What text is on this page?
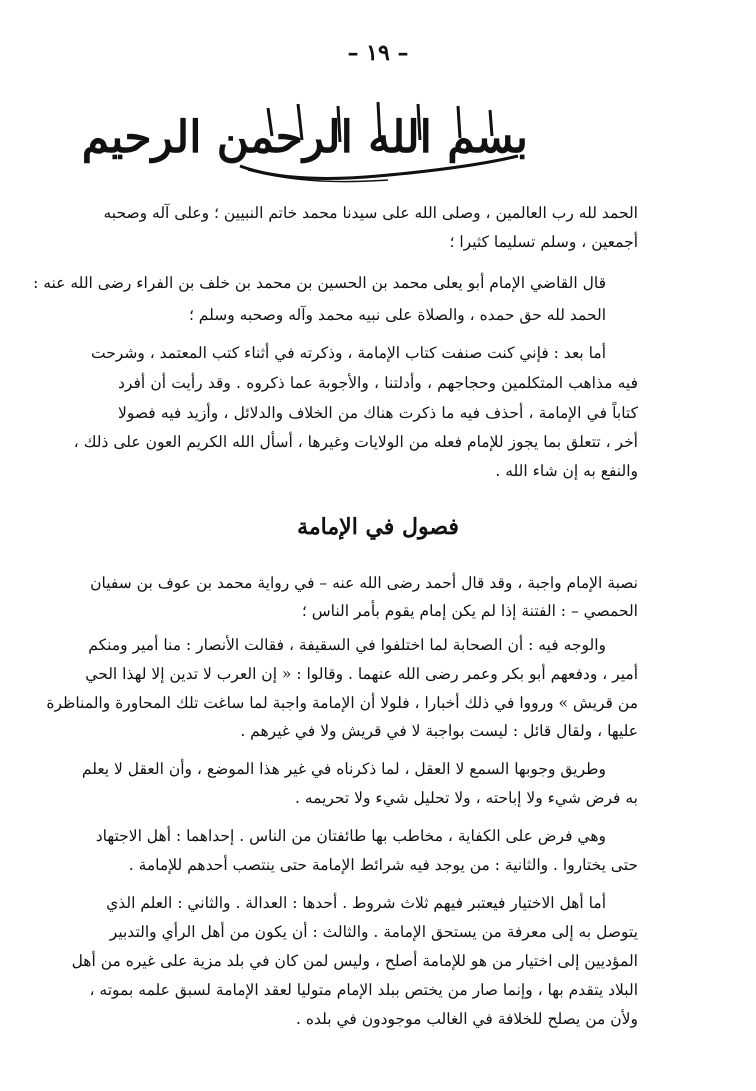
– ١٩ –
بسم الله الرحمن الرحيم
الحمد لله رب العالمين ، وصلى الله على سيدنا محمد خاتم النبيين ؛ وعلى آله وصحبه
أجمعين ، وسلم تسليما كثيرا ؛
قال القاضي الإمام أبو يعلى محمد بن الحسين بن محمد بن خلف بن الفراء رضى الله عنه :
الحمد لله حق حمده ، والصلاة على نبيه محمد وآله وصحبه وسلم ؛
أما بعد : فإني كنت صنفت كتاب الإمامة ، وذكرته في أثناء كتب المعتمد ، وشرحت
فيه مذاهب المتكلمين وحجاجهم ، وأدلتنا ، والأجوبة عما ذكروه . وقد رأيت أن أفرد
كتاباً في الإمامة ، أحذف فيه ما ذكرت هناك من الخلاف والدلائل ، وأزيد فيه فصولا
أخر ، تتعلق بما يجوز للإمام فعله من الولايات وغيرها ، أسأل الله الكريم العون على ذلك ،
والنفع به إن شاء الله .
فصول في الإمامة
نصبة الإمام واجبة ، وقد قال أحمد رضى الله عنه – في رواية محمد بن عوف بن سفيان
الحمصي – : الفتنة إذا لم يكن إمام يقوم بأمر الناس ؛
والوجه فيه : أن الصحابة لما اختلفوا في السقيفة ، فقالت الأنصار : منا أمير ومنكم
أمير ، ودفعهم أبو بكر وعمر رضى الله عنهما . وقالوا : « إن العرب لا تدين إلا لهذا الحي
من قريش » ورووا في ذلك أخبارا ، فلولا أن الإمامة واجبة لما ساغت تلك المحاورة والمناظرة
عليها ، ولقال قائل : ليست بواجبة لا في قريش ولا في غيرهم .
وطريق وجوبها السمع لا العقل ، لما ذكرناه في غير هذا الموضع ، وأن العقل لا يعلم
به فرض شيء ولا إباحته ، ولا تحليل شيء ولا تحريمه .
وهي فرض على الكفاية ، مخاطب بها طائفتان من الناس . إحداهما : أهل الاجتهاد
حتى يختاروا . والثانية : من يوجد فيه شرائط الإمامة حتى ينتصب أحدهم للإمامة .
أما أهل الاختيار فيعتبر فيهم ثلاث شروط . أحدها : العدالة . والثاني : العلم الذي
يتوصل به إلى معرفة من يستحق الإمامة . والثالث : أن يكون من أهل الرأي والتدبير
المؤديين إلى اختيار من هو للإمامة أصلح ، وليس لمن كان في بلد مزية على غيره من أهل
البلاد يتقدم بها ، وإنما صار من يختص ببلد الإمام متوليا لعقد الإمامة لسبق علمه بموته ،
ولأن من يصلح للخلافة في الغالب موجودون في بلده .
